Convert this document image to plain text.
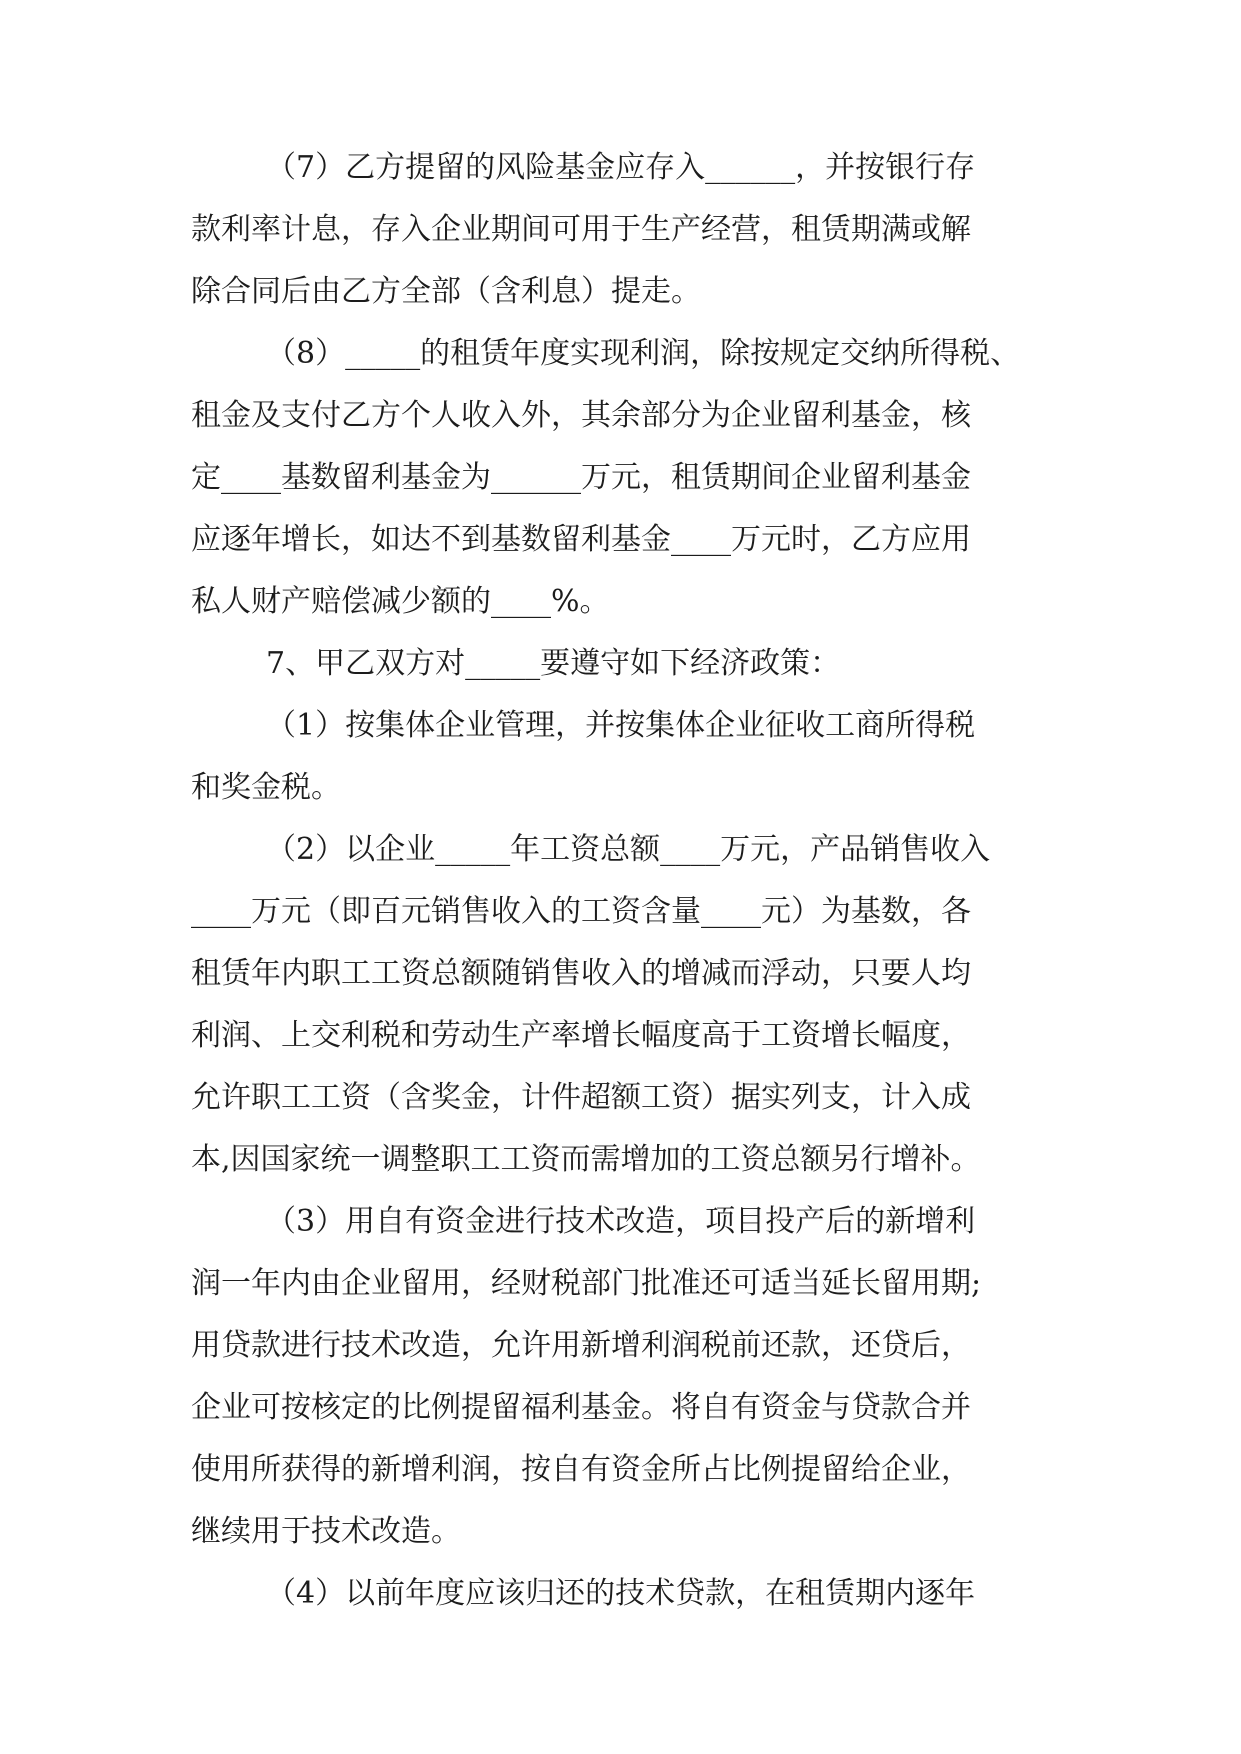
（7）乙方提留的风险基金应存入______，并按银行存
款利率计息，存入企业期间可用于生产经营，租赁期满或解
除合同后由乙方全部（含利息）提走。
（8）_____的租赁年度实现利润，除按规定交纳所得税、
租金及支付乙方个人收入外，其余部分为企业留利基金，核
定____基数留利基金为______万元，租赁期间企业留利基金
应逐年增长，如达不到基数留利基金____万元时，乙方应用
私人财产赔偿减少额的____%。
7、甲乙双方对_____要遵守如下经济政策：
（1）按集体企业管理，并按集体企业征收工商所得税
和奖金税。
（2）以企业_____年工资总额____万元，产品销售收入
____万元（即百元销售收入的工资含量____元）为基数，各
租赁年内职工工资总额随销售收入的增减而浮动，只要人均
利润、上交利税和劳动生产率增长幅度高于工资增长幅度，
允许职工工资（含奖金，计件超额工资）据实列支，计入成
本,因国家统一调整职工工资而需增加的工资总额另行增补。
（3）用自有资金进行技术改造，项目投产后的新增利
润一年内由企业留用，经财税部门批准还可适当延长留用期;
用贷款进行技术改造，允许用新增利润税前还款，还贷后，
企业可按核定的比例提留福利基金。将自有资金与贷款合并
使用所获得的新增利润，按自有资金所占比例提留给企业，
继续用于技术改造。
（4）以前年度应该归还的技术贷款，在租赁期内逐年
